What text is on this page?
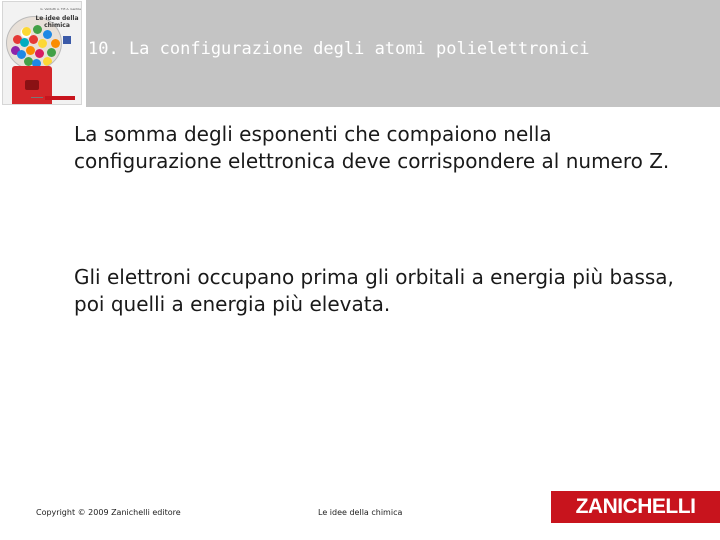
G. Valitutti A. Tifi A. Gentile
Le idee della chimica
10. La configurazione degli atomi polielettronici
La somma degli esponenti che compaiono nella configurazione elettronica deve corrispondere al numero Z.
Gli elettroni occupano prima gli orbitali a energia più bassa, poi quelli a energia più elevata.
Copyright © 2009 Zanichelli editore	Le idee della chimica	ZANICHELLI
